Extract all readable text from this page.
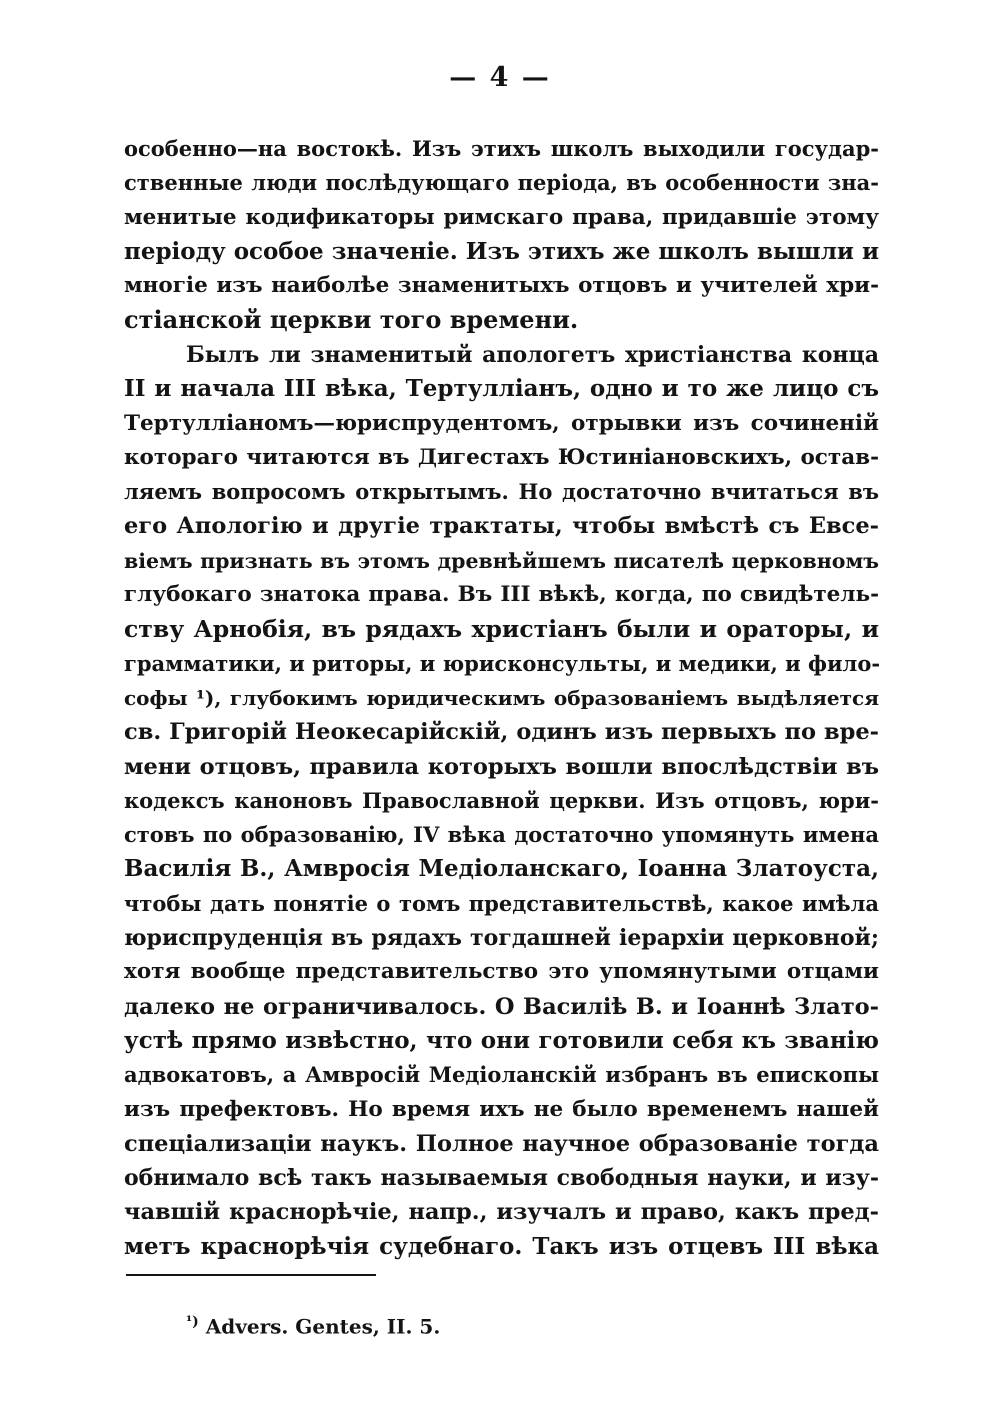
— 4 —
особенно—на востокѣ. Изъ этихъ школъ выходили государ-
ственные люди послѣдующаго періода, въ особенности зна-
менитые кодификаторы римскаго права, придавшіе этому
періоду особое значеніе. Изъ этихъ же школъ вышли и
многіе изъ наиболѣе знаменитыхъ отцовъ и учителей хри-
стіанской церкви того времени.
Былъ ли знаменитый апологетъ христіанства конца
II и начала III вѣка, Тертулліанъ, одно и то же лицо съ
Тертулліаномъ—юриспрудентомъ, отрывки изъ сочиненій
котораго читаются въ Дигестахъ Юстиніановскихъ, остав-
ляемъ вопросомъ открытымъ. Но достаточно вчитаться въ
его Апологію и другіе трактаты, чтобы вмѣстѣ съ Евсе-
віемъ признать въ этомъ древнѣйшемъ писателѣ церковномъ
глубокаго знатока права. Въ III вѣкѣ, когда, по свидѣтель-
ству Арнобія, въ рядахъ христіанъ были и ораторы, и
грамматики, и риторы, и юрисконсульты, и медики, и фило-
софы ¹), глубокимъ юридическимъ образованіемъ выдѣляется
св. Григорій Неокесарійскій, одинъ изъ первыхъ по вре-
мени отцовъ, правила которыхъ вошли впослѣдствіи въ
кодексъ каноновъ Православной церкви. Изъ отцовъ, юри-
стовъ по образованію, IV вѣка достаточно упомянуть имена
Василія В., Амвросія Медіоланскаго, Іоанна Златоуста,
чтобы дать понятіе о томъ представительствѣ, какое имѣла
юриспруденція въ рядахъ тогдашней іерархіи церковной;
хотя вообще представительство это упомянутыми отцами
далеко не ограничивалось. О Василіѣ В. и Іоаннѣ Злато-
устѣ прямо извѣстно, что они готовили себя къ званію
адвокатовъ, а Амвросій Медіоланскій избранъ въ епископы
изъ префектовъ. Но время ихъ не было временемъ нашей
спеціализаціи наукъ. Полное научное образованіе тогда
обнимало всѣ такъ называемыя свободныя науки, и изу-
чавшій краснорѣчіе, напр., изучалъ и право, какъ пред-
метъ краснорѣчія судебнаго. Такъ изъ отцевъ III вѣка
$^{^1)}$ Advers. Gentes, II. 5.
